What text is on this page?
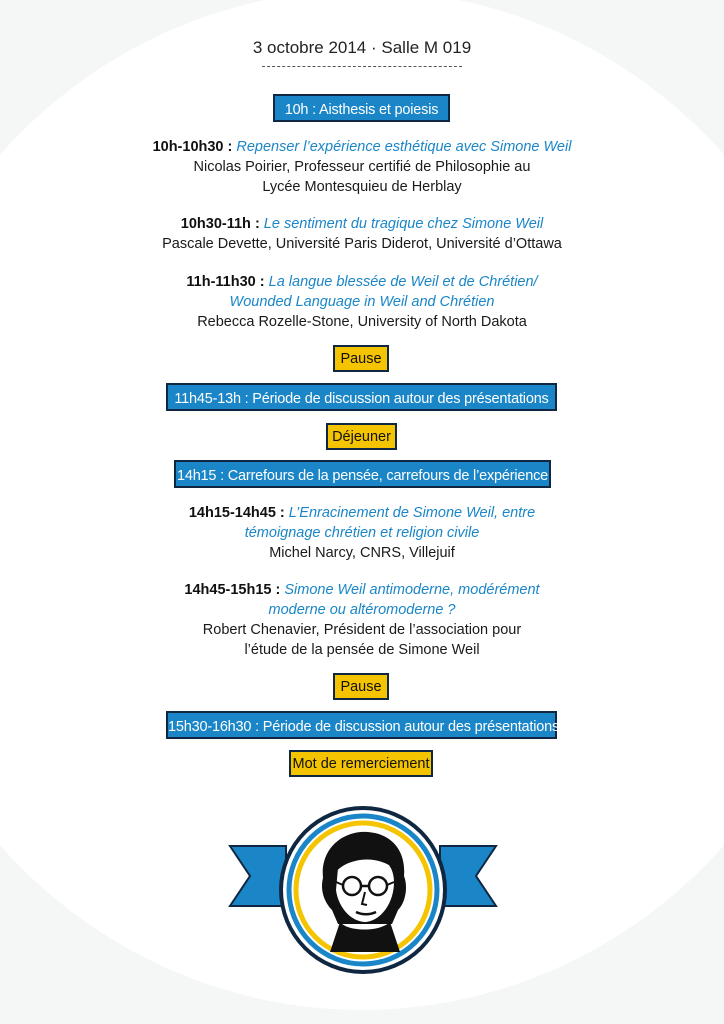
3 octobre 2014 · Salle M 019
10h : Aisthesis et poiesis
10h-10h30 : Repenser l’expérience esthétique avec Simone Weil
Nicolas Poirier, Professeur certifié de Philosophie au
Lycée Montesquieu de Herblay
10h30-11h : Le sentiment du tragique chez Simone Weil
Pascale Devette, Université Paris Diderot, Université d’Ottawa
11h-11h30 : La langue blessée de Weil et de Chrétien/
Wounded Language in Weil and Chrétien
Rebecca Rozelle-Stone, University of North Dakota
Pause
11h45-13h : Période de discussion autour des présentations
Déjeuner
14h15 : Carrefours de la pensée, carrefours de l’expérience
14h15-14h45 : L’Enracinement de Simone Weil, entre
témoignage chrétien et religion civile
Michel Narcy, CNRS, Villejuif
14h45-15h15 : Simone Weil antimoderne, modérément
moderne ou altéromoderne ?
Robert Chenavier, Président de l’association pour
l’étude de la pensée de Simone Weil
Pause
15h30-16h30 : Période de discussion autour des présentations
Mot de remerciement
